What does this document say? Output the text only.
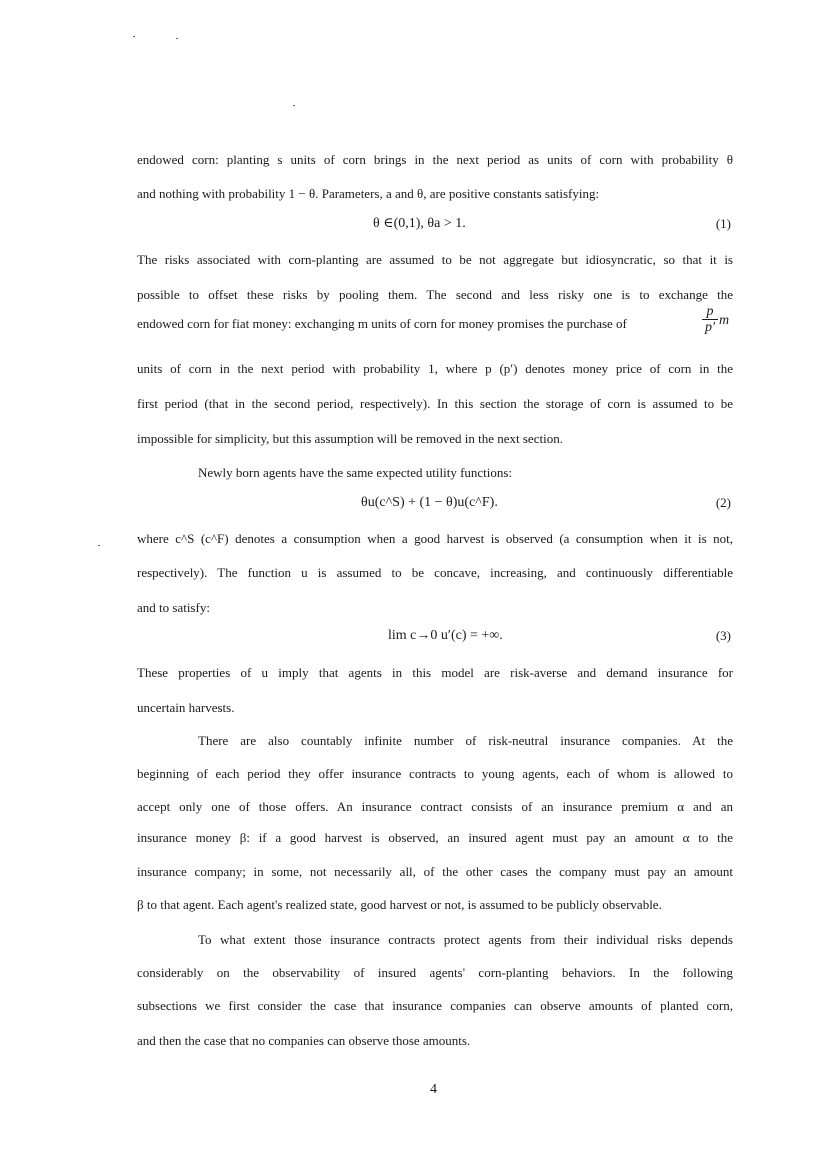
endowed corn: planting s units of corn brings in the next period as units of corn with probability θ
and nothing with probability 1 − θ. Parameters, a and θ, are positive constants satisfying:
θ ∈(0,1), θa > 1.	(1)
The risks associated with corn-planting are assumed to be not aggregate but idiosyncratic, so that it is
possible to offset these risks by pooling them. The second and less risky one is to exchange the
endowed corn for fiat money: exchanging m units of corn for money promises the purchase of	$\frac{p}{p'}$ m
units of corn in the next period with probability 1, where p (p′) denotes money price of corn in the
first period (that in the second period, respectively). In this section the storage of corn is assumed to be
impossible for simplicity, but this assumption will be removed in the next section.
Newly born agents have the same expected utility functions:
θu(c^S) + (1 − θ)u(c^F).	(2)
where c^S (c^F) denotes a consumption when a good harvest is observed (a consumption when it is not,
respectively). The function u is assumed to be concave, increasing, and continuously differentiable
and to satisfy:
lim c→0 u′(c) = +∞.	(3)
These properties of u imply that agents in this model are risk-averse and demand insurance for
uncertain harvests.
There are also countably infinite number of risk-neutral insurance companies. At the
beginning of each period they offer insurance contracts to young agents, each of whom is allowed to
accept only one of those offers. An insurance contract consists of an insurance premium α and an
insurance money β: if a good harvest is observed, an insured agent must pay an amount α to the
insurance company; in some, not necessarily all, of the other cases the company must pay an amount
β to that agent. Each agent's realized state, good harvest or not, is assumed to be publicly observable.
To what extent those insurance contracts protect agents from their individual risks depends
considerably on the observability of insured agents' corn-planting behaviors. In the following
subsections we first consider the case that insurance companies can observe amounts of planted corn,
and then the case that no companies can observe those amounts.
4
